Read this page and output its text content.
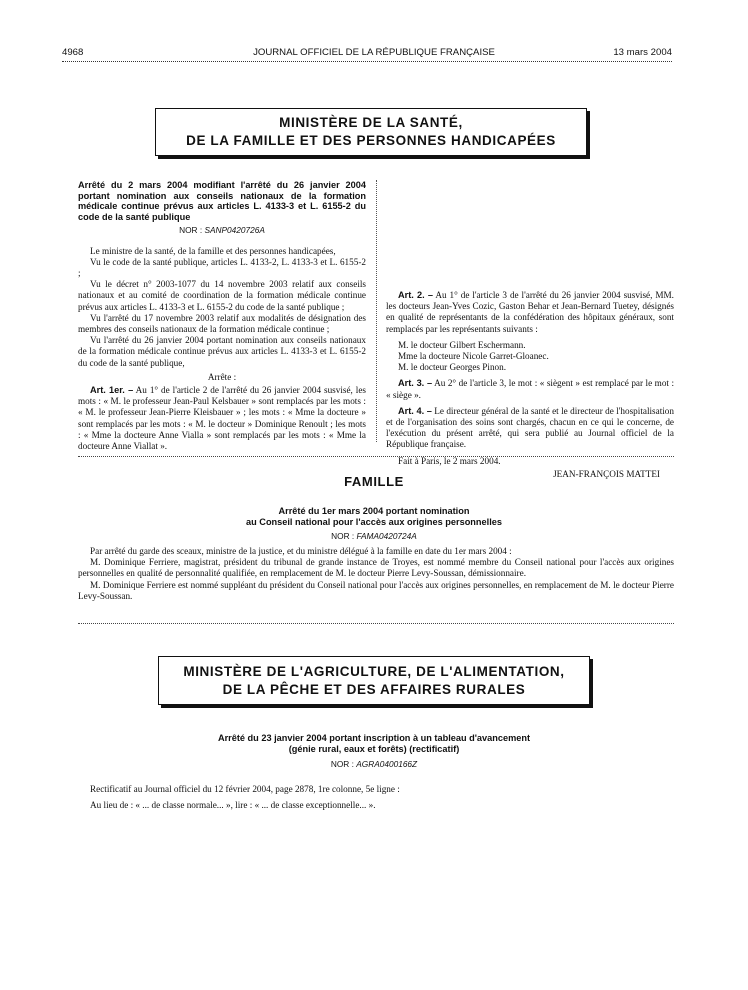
4968	JOURNAL OFFICIEL DE LA RÉPUBLIQUE FRANÇAISE	13 mars 2004
MINISTÈRE DE LA SANTÉ,
DE LA FAMILLE ET DES PERSONNES HANDICAPÉES

Arrêté du 2 mars 2004 modifiant l'arrêté du 26 janvier 2004 portant nomination aux conseils nationaux de la formation médicale continue prévus aux articles L. 4133-3 et L. 6155-2 du code de la santé publique

NOR : SANP0420726A

Le ministre de la santé, de la famille et des personnes handicapées,

Vu le code de la santé publique, articles L. 4133-2, L. 4133-3 et L. 6155-2 ;

Vu le décret n° 2003-1077 du 14 novembre 2003 relatif aux conseils nationaux et au comité de coordination de la formation médicale continue prévus aux articles L. 4133-3 et L. 6155-2 du code de la santé publique ;

Vu l'arrêté du 17 novembre 2003 relatif aux modalités de désignation des membres des conseils nationaux de la formation médicale continue ;

Vu l'arrêté du 26 janvier 2004 portant nomination aux conseils nationaux de la formation médicale continue prévus aux articles L. 4133-3 et L. 6155-2 du code de la santé publique,

Arrête :

Art. 1er. – Au 1° de l'article 2 de l'arrêté du 26 janvier 2004 susvisé, les mots : « M. le professeur Jean-Paul Kelsbauer » sont remplacés par les mots : « M. le professeur Jean-Pierre Kleisbauer » ; les mots : « Mme la docteure » sont remplacés par les mots : « M. le docteur » Dominique Renoult ; les mots : « Mme la docteure Anne Vialla » sont remplacés par les mots : « Mme la docteure Anne Viallat ».

Art. 2. – Au 1° de l'article 3 de l'arrêté du 26 janvier 2004 susvisé, MM. les docteurs Jean-Yves Cozic, Gaston Behar et Jean-Bernard Tuetey, désignés en qualité de représentants de la confédération des hôpitaux généraux, sont remplacés par les représentants suivants :

M. le docteur Gilbert Eschermann.

Mme la docteure Nicole Garret-Gloanec.

M. le docteur Georges Pinon.

Art. 3. – Au 2° de l'article 3, le mot : « siègent » est remplacé par le mot : « siège ».

Art. 4. – Le directeur général de la santé et le directeur de l'hospitalisation et de l'organisation des soins sont chargés, chacun en ce qui le concerne, de l'exécution du présent arrêté, qui sera publié au Journal officiel de la République française.

Fait à Paris, le 2 mars 2004.

JEAN-FRANÇOIS MATTEI

FAMILLE
Arrêté du 1er mars 2004 portant nomination
au Conseil national pour l'accès aux origines personnelles
NOR : FAMA0420724A

Par arrêté du garde des sceaux, ministre de la justice, et du ministre délégué à la famille en date du 1er mars 2004 :

M. Dominique Ferriere, magistrat, président du tribunal de grande instance de Troyes, est nommé membre du Conseil national pour l'accès aux origines personnelles en qualité de personnalité qualifiée, en remplacement de M. le docteur Pierre Levy-Soussan, démissionnaire.

M. Dominique Ferriere est nommé suppléant du président du Conseil national pour l'accès aux origines personnelles, en remplacement de M. le docteur Pierre Levy-Soussan.

MINISTÈRE DE L'AGRICULTURE, DE L'ALIMENTATION,
DE LA PÊCHE ET DES AFFAIRES RURALES
Arrêté du 23 janvier 2004 portant inscription à un tableau d'avancement
(génie rural, eaux et forêts) (rectificatif)
NOR : AGRA0400166Z

Rectificatif au Journal officiel du 12 février 2004, page 2878, 1re colonne, 5e ligne :

Au lieu de : « ... de classe normale... », lire : « ... de classe exceptionnelle... ».
